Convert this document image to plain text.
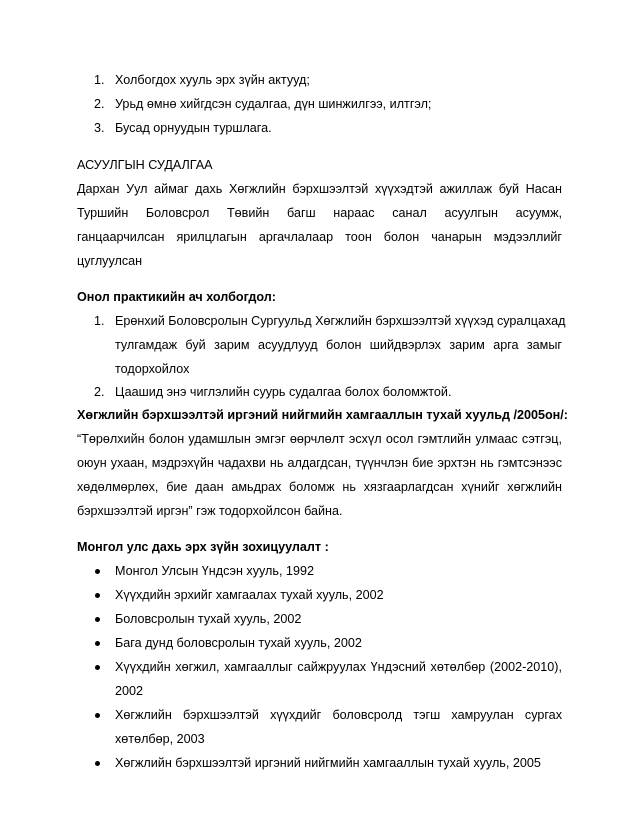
1. Холбогдох хууль эрх зүйн актууд;
2. Урьд өмнө хийгдсэн судалгаа, дүн шинжилгээ, илтгэл;
3. Бусад орнуудын туршлага.
АСУУЛГЫН СУДАЛГАА
Дархан Уул аймаг дахь Хөгжлийн бэрхшээлтэй хүүхэдтэй ажиллаж буй Насан
Туршийн Боловсрол Төвийн багш нараас санал асуулгын асуумж,
ганцаарчилсан ярилцлагын аргачлалаар тоон болон чанарын мэдээллийг
цуглуулсан
Онол практикийн ач холбогдол:
1. Ерөнхий Боловсролын Сургуульд Хөгжлийн бэрхшээлтэй хүүхэд суралцахад
тулгамдаж буй зарим асуудлууд болон шийдвэрлэх зарим арга замыг
тодорхойлох
2. Цаашид энэ чиглэлийн суурь судалгаа болох боломжтой.
Хөгжлийн бэрхшээлтэй иргэний нийгмийн хамгааллын тухай хуульд /2005он/:
“Төрөлхийн болон удамшлын эмгэг өөрчлөлт эсхүл осол гэмтлийн улмаас сэтгэц,
оюун ухаан, мэдрэхүйн чадахви нь алдагдсан, түүнчлэн бие эрхтэн нь гэмтсэнээс
хөдөлмөрлөх, бие даан амьдрах боломж нь хязгаарлагдсан хүнийг хөгжлийн
бэрхшээлтэй иргэн” гэж тодорхойлсон байна.
Монгол улс дахь эрх зүйн зохицуулалт :
Монгол Улсын Үндсэн хууль, 1992
Хүүхдийн эрхийг хамгаалах тухай хууль, 2002
Боловсролын тухай хууль, 2002
Бага дунд боловсролын тухай хууль, 2002
Хүүхдийн хөгжил, хамгааллыг сайжруулах Үндэсний хөтөлбөр (2002-2010),
2002
Хөгжлийн бэрхшээлтэй хүүхдийг боловсролд тэгш хамруулан сургах
хөтөлбөр, 2003
Хөгжлийн бэрхшээлтэй иргэний нийгмийн хамгааллын тухай хууль, 2005
